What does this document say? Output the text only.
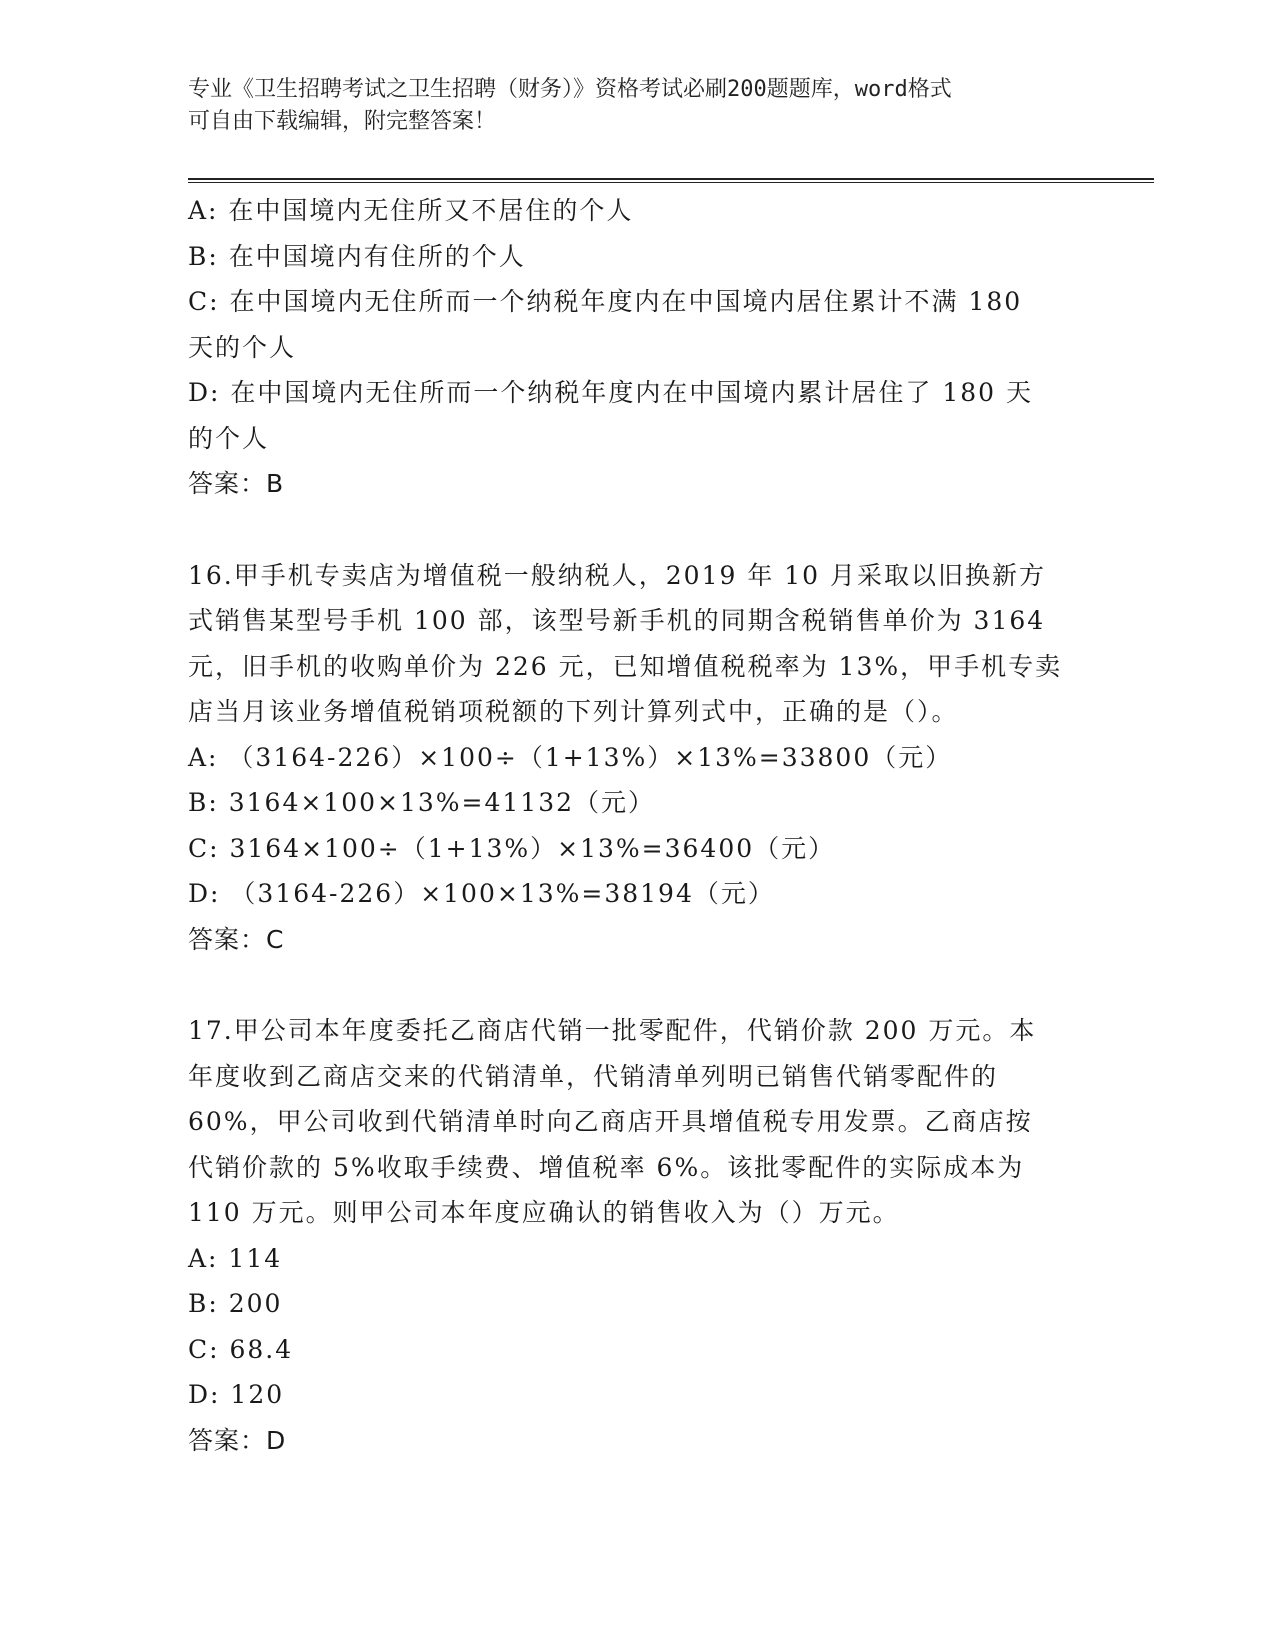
专业《卫生招聘考试之卫生招聘（财务）》资格考试必刷200题题库，word格式
可自由下载编辑，附完整答案！
A: 在中国境内无住所又不居住的个人
B: 在中国境内有住所的个人
C: 在中国境内无住所而一个纳税年度内在中国境内居住累计不满 180
天的个人
D: 在中国境内无住所而一个纳税年度内在中国境内累计居住了 180 天
的个人
答案：B
16.甲手机专卖店为增值税一般纳税人，2019 年 10 月采取以旧换新方
式销售某型号手机 100 部，该型号新手机的同期含税销售单价为 3164
元，旧手机的收购单价为 226 元，已知增值税税率为 13%，甲手机专卖
店当月该业务增值税销项税额的下列计算列式中，正确的是（）。
A: （3164-226）×100÷（1+13%）×13%=33800（元）
B: 3164×100×13%=41132（元）
C: 3164×100÷（1+13%）×13%=36400（元）
D: （3164-226）×100×13%=38194（元）
答案：C
17.甲公司本年度委托乙商店代销一批零配件，代销价款 200 万元。本
年度收到乙商店交来的代销清单，代销清单列明已销售代销零配件的
60%，甲公司收到代销清单时向乙商店开具增值税专用发票。乙商店按
代销价款的 5%收取手续费、增值税率 6%。该批零配件的实际成本为
110 万元。则甲公司本年度应确认的销售收入为（）万元。
A: 114
B: 200
C: 68.4
D: 120
答案：D
